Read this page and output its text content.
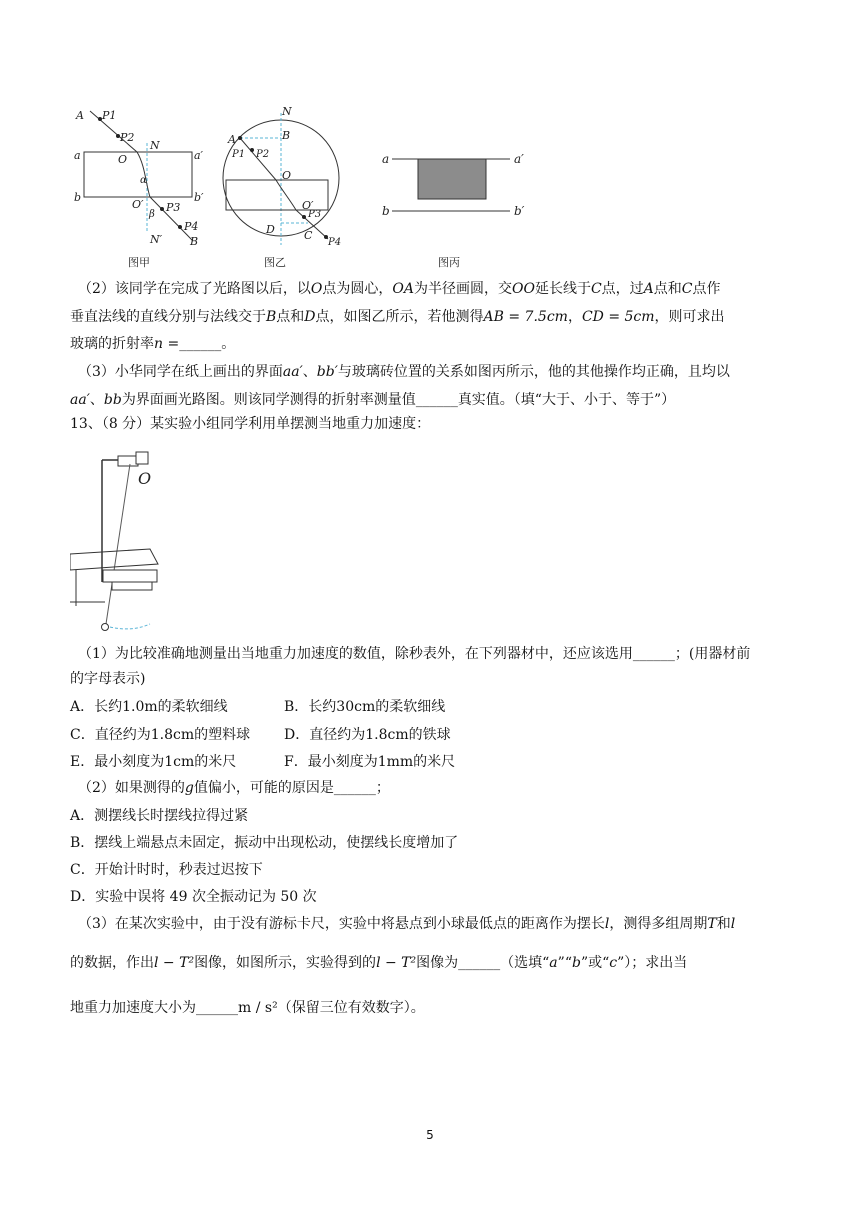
A P1
P2
O
N
a	a′
b	b′
α
O′
β
P3
P4
N′	B
图甲
N
B
A
P1 P2
O
O′
D
P3
C
P4
图乙
a	a′
b	b′
图丙
（2）该同学在完成了光路图以后，以O点为圆心，OA为半径画圆，交OO延长线于C点，过A点和C点作
垂直法线的直线分别与法线交于B点和D点，如图乙所示，若他测得AB = 7.5cm，CD = 5cm，则可求出
玻璃的折射率n =______。
（3）小华同学在纸上画出的界面aa′、bb′与玻璃砖位置的关系如图丙所示，他的其他操作均正确，且均以
aa′、bb为界面画光路图。则该同学测得的折射率测量值______真实值。（填“大于、小于、等于”）
13、（8 分）某实验小组同学利用单摆测当地重力加速度：
O
（1）为比较准确地测量出当地重力加速度的数值，除秒表外，在下列器材中，还应该选用______；(用器材前
的字母表示)
A．长约1.0m的柔软细线	B．长约30cm的柔软细线
C．直径约为1.8cm的塑料球 D．直径约为1.8cm的铁球
E．最小刻度为1cm的米尺	F．最小刻度为1mm的米尺
（2）如果测得的g值偏小，可能的原因是______；
A．测摆线长时摆线拉得过紧
B．摆线上端悬点未固定，振动中出现松动，使摆线长度增加了
C．开始计时时，秒表过迟按下
D．实验中误将 49 次全振动记为 50 次
（3）在某次实验中，由于没有游标卡尺，实验中将悬点到小球最低点的距离作为摆长l，测得多组周期T和l
的数据，作出l − T²图像，如图所示，实验得到的l − T²图像为______（选填“a”“b”或“c”）；求出当
地重力加速度大小为______m / s²（保留三位有效数字）。
5
